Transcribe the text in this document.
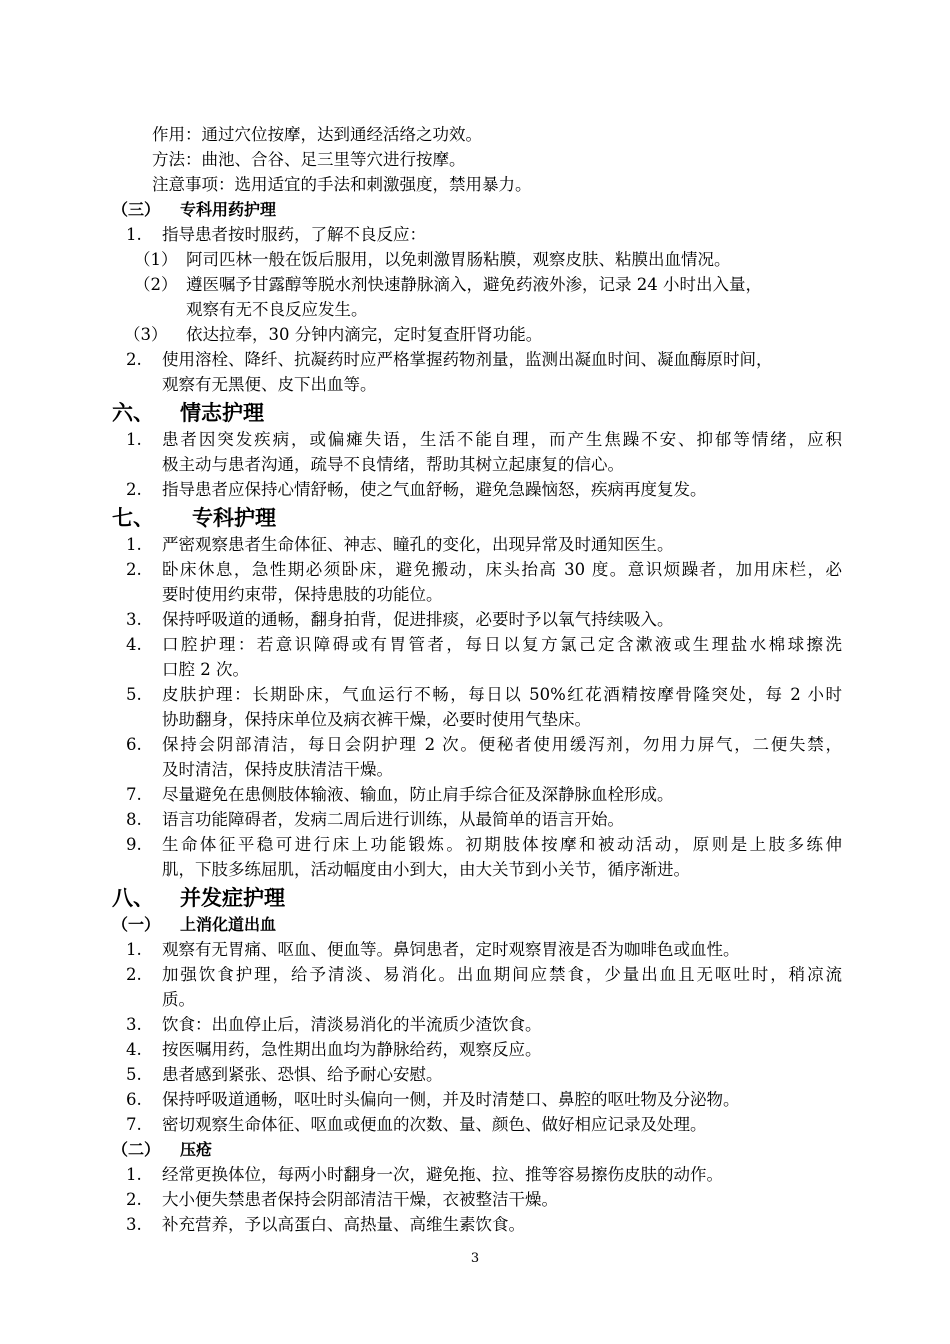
作用：通过穴位按摩，达到通经活络之功效。
方法：曲池、合谷、足三里等穴进行按摩。
注意事项：选用适宜的手法和刺激强度，禁用暴力。
（三） 专科用药护理
1. 指导患者按时服药，了解不良反应：
（1） 阿司匹林一般在饭后服用，以免刺激胃肠粘膜，观察皮肤、粘膜出血情况。
（2） 遵医嘱予甘露醇等脱水剂快速静脉滴入，避免药液外渗，记录 24 小时出入量，
观察有无不良反应发生。
（3） 依达拉奉，30 分钟内滴完，定时复查肝肾功能。
2. 使用溶栓、降纤、抗凝药时应严格掌握药物剂量，监测出凝血时间、凝血酶原时间，
观察有无黑便、皮下出血等。
六、 情志护理
1. 患者因突发疾病，或偏瘫失语，生活不能自理，而产生焦躁不安、抑郁等情绪，应积
极主动与患者沟通，疏导不良情绪，帮助其树立起康复的信心。
2. 指导患者应保持心情舒畅，使之气血舒畅，避免急躁恼怒，疾病再度复发。
七、 专科护理
1. 严密观察患者生命体征、神志、瞳孔的变化，出现异常及时通知医生。
2. 卧床休息，急性期必须卧床，避免搬动，床头抬高 30 度。意识烦躁者，加用床栏，必
要时使用约束带，保持患肢的功能位。
3. 保持呼吸道的通畅，翻身拍背，促进排痰，必要时予以氧气持续吸入。
4. 口腔护理：若意识障碍或有胃管者，每日以复方氯己定含漱液或生理盐水棉球擦洗
口腔 2 次。
5. 皮肤护理：长期卧床，气血运行不畅，每日以 50%红花酒精按摩骨隆突处，每 2 小时
协助翻身，保持床单位及病衣裤干燥，必要时使用气垫床。
6. 保持会阴部清洁，每日会阴护理 2 次。便秘者使用缓泻剂，勿用力屏气，二便失禁，
及时清洁，保持皮肤清洁干燥。
7. 尽量避免在患侧肢体输液、输血，防止肩手综合征及深静脉血栓形成。
8. 语言功能障碍者，发病二周后进行训练，从最简单的语言开始。
9. 生命体征平稳可进行床上功能锻炼。初期肢体按摩和被动活动，原则是上肢多练伸
肌，下肢多练屈肌，活动幅度由小到大，由大关节到小关节，循序渐进。
八、 并发症护理
（一） 上消化道出血
1. 观察有无胃痛、呕血、便血等。鼻饲患者，定时观察胃液是否为咖啡色或血性。
2. 加强饮食护理，给予清淡、易消化。出血期间应禁食，少量出血且无呕吐时，稍凉流
质。
3. 饮食：出血停止后，清淡易消化的半流质少渣饮食。
4. 按医嘱用药，急性期出血均为静脉给药，观察反应。
5. 患者感到紧张、恐惧、给予耐心安慰。
6. 保持呼吸道通畅，呕吐时头偏向一侧，并及时清楚口、鼻腔的呕吐物及分泌物。
7. 密切观察生命体征、呕血或便血的次数、量、颜色、做好相应记录及处理。
（二） 压疮
1. 经常更换体位，每两小时翻身一次，避免拖、拉、推等容易擦伤皮肤的动作。
2. 大小便失禁患者保持会阴部清洁干燥，衣被整洁干燥。
3. 补充营养，予以高蛋白、高热量、高维生素饮食。
3
